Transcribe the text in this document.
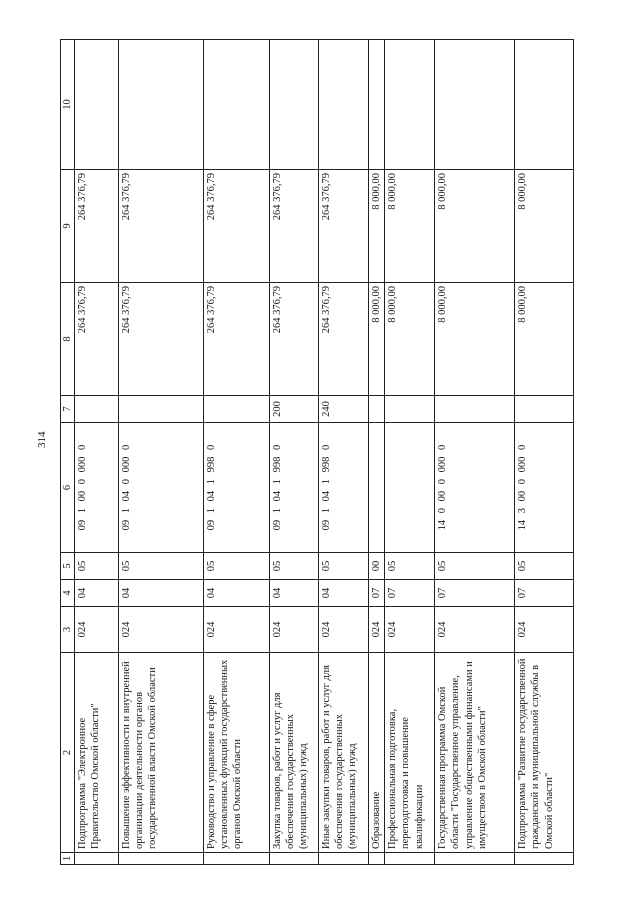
314
1	2	3	4	5	6	7	8	9	10
	Подпрограмма "Электронное Правительство Омской области"	024	04	05	09 1 00 0 000 0		264 376,79	264 376,79	
	Повышение эффективности и внутренней организации деятельности органов государственной власти Омской области	024	04	05	09 1 04 0 000 0		264 376,79	264 376,79	
	Руководство и управление в сфере установленных функций государственных органов Омской области	024	04	05	09 1 04 1 998 0		264 376,79	264 376,79	
	Закупка товаров, работ и услуг для обеспечения государственных (муниципальных) нужд	024	04	05	09 1 04 1 998 0	200	264 376,79	264 376,79	
	Иные закупки товаров, работ и услуг для обеспечения государственных (муниципальных) нужд	024	04	05	09 1 04 1 998 0	240	264 376,79	264 376,79	
	Образование	024	07	00			8 000,00	8 000,00	
	Профессиональная подготовка, переподготовка и повышение квалификации	024	07	05			8 000,00	8 000,00	
	Государственная программа Омской области "Государственное управление, управление общественными финансами и имуществом в Омской области"	024	07	05	14 0 00 0 000 0		8 000,00	8 000,00	
	Подпрограмма "Развитие государственной гражданской и муниципальной службы в Омской области"	024	07	05	14 3 00 0 000 0		8 000,00	8 000,00	
